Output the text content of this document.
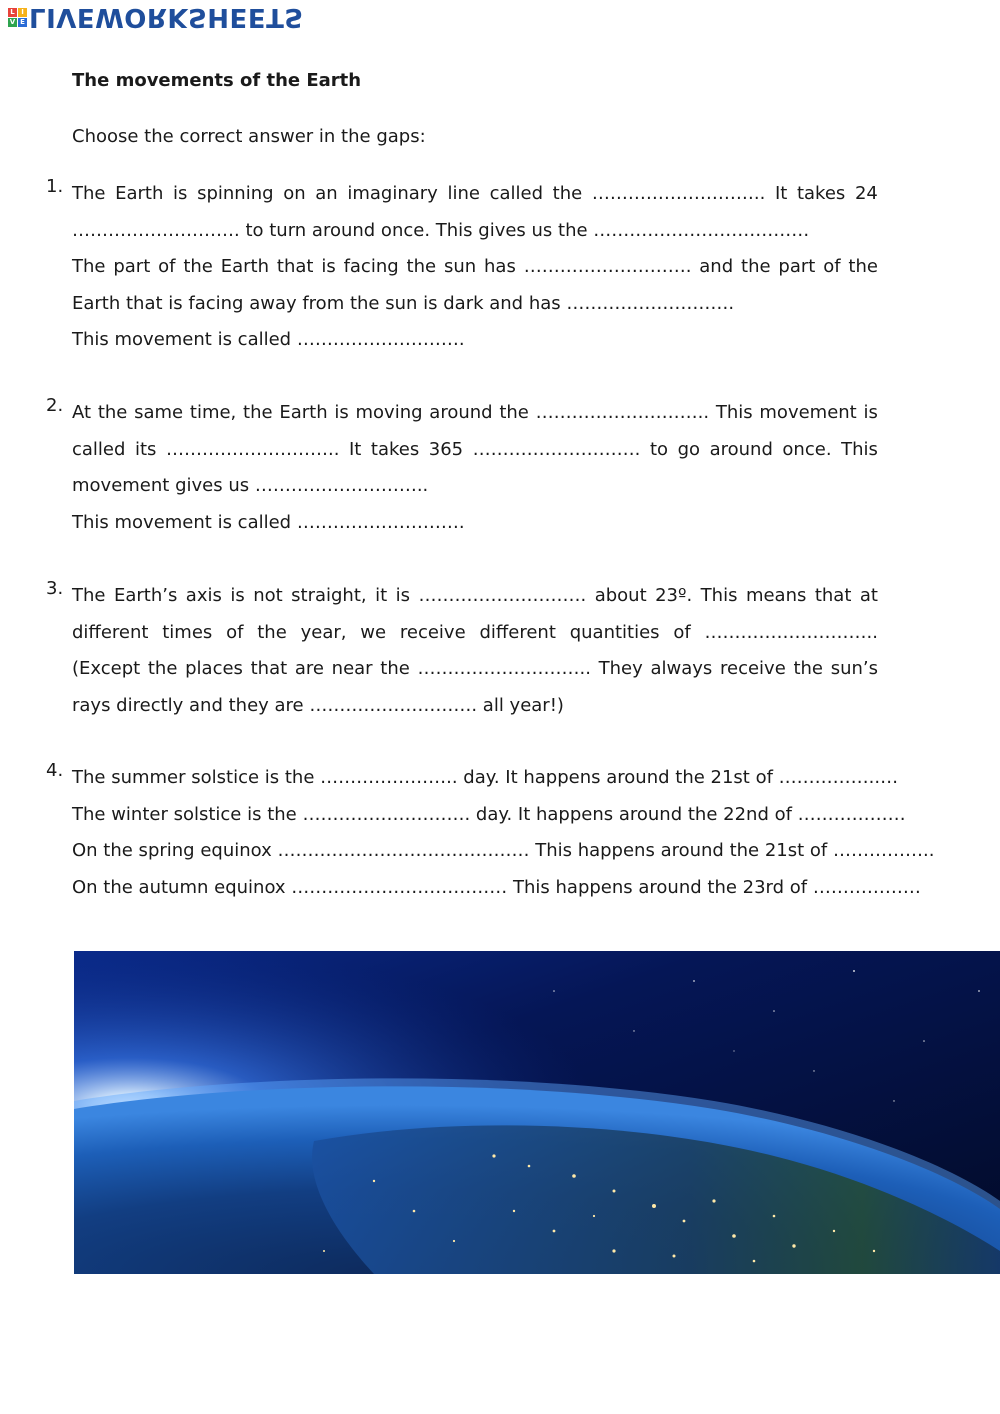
L I
V E LIVEWORKSHEETS
The movements of the Earth
Choose the correct answer in the gaps:
1. The Earth is spinning on an imaginary line called the ……………………….. It takes 24
………………………. to turn around once. This gives us the ………………………………
The part of the Earth that is facing the sun has ………………………. and the part of the
Earth that is facing away from the sun is dark and has ……………………….
This movement is called ……………………….
2. At the same time, the Earth is moving around the ……………………….. This movement is
called its ……………………….. It takes 365 ………………………. to go around once. This
movement gives us ………………………..
This movement is called ……………………….
3. The Earth’s axis is not straight, it is ………………………. about 23º. This means that at
different times of the year, we receive different quantities of ………………………..
(Except the places that are near the ……………………….. They always receive the sun’s
rays directly and they are ………………………. all year!)
4. The summer solstice is the ………………….. day. It happens around the 21st of ……………..…
The winter solstice is the ………………………. day. It happens around the 22nd of ………………
On the spring equinox …………………………………… This happens around the 21st of ……………..
On the autumn equinox ……………………………… This happens around the 23rd of ………………
